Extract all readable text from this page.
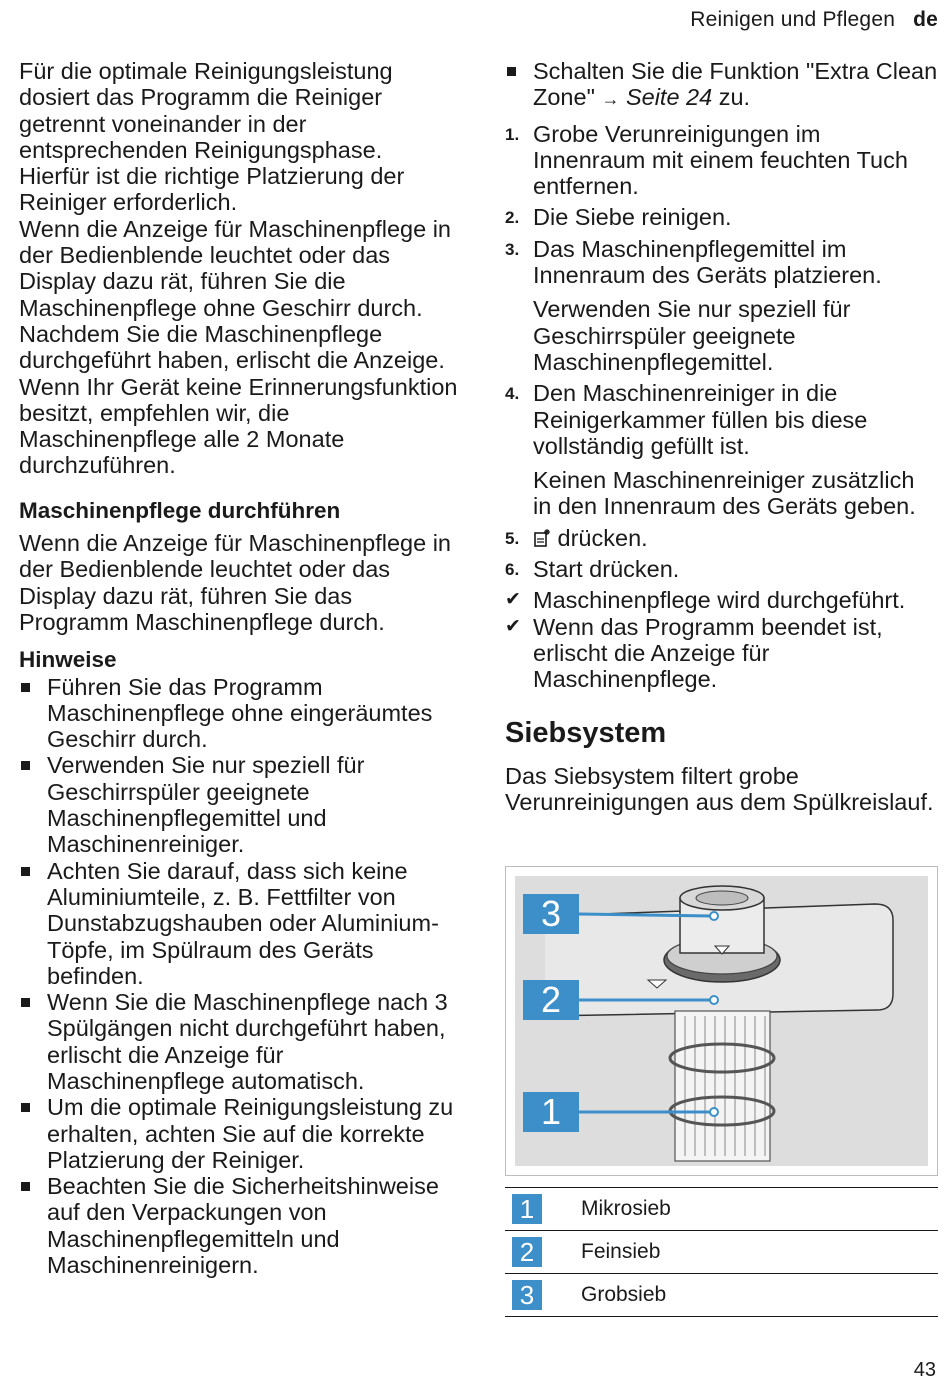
Reinigen und Pflegen de

Für die optimale Reinigungsleistung dosiert das Programm die Reiniger getrennt voneinander in der entsprechenden Reinigungsphase. Hierfür ist die richtige Platzierung der Reiniger erforderlich.

Wenn die Anzeige für Maschinenpflege in der Bedienblende leuchtet oder das Display dazu rät, führen Sie die Maschinenpflege ohne Geschirr durch. Nachdem Sie die Maschinenpflege durchgeführt haben, erlischt die Anzeige. Wenn Ihr Gerät keine Erinnerungsfunktion besitzt, empfehlen wir, die Maschinenpflege alle 2 Monate durchzuführen.

Maschinenpflege durchführen

Wenn die Anzeige für Maschinenpflege in der Bedienblende leuchtet oder das Display dazu rät, führen Sie das Programm Maschinenpflege durch.

Hinweise
Führen Sie das Programm Maschinenpflege ohne eingeräumtes Geschirr durch.
Verwenden Sie nur speziell für Geschirrspüler geeignete Maschinenpflegemittel und Maschinenreiniger.
Achten Sie darauf, dass sich keine Aluminiumteile, z. B. Fettfilter von Dunstabzugshauben oder Aluminium-Töpfe, im Spülraum des Geräts befinden.
Wenn Sie die Maschinenpflege nach 3 Spülgängen nicht durchgeführt haben, erlischt die Anzeige für Maschinenpflege automatisch.
Um die optimale Reinigungsleistung zu erhalten, achten Sie auf die korrekte Platzierung der Reiniger.
Beachten Sie die Sicherheitshinweise auf den Verpackungen von Maschinenpflegemitteln und Maschinenreinigern.
Schalten Sie die Funktion "Extra Clean Zone" → Seite 24 zu.
1. Grobe Verunreinigungen im Innenraum mit einem feuchten Tuch entfernen.
2. Die Siebe reinigen.
3. Das Maschinenpflegemittel im Innenraum des Geräts platzieren.
Verwenden Sie nur speziell für Geschirrspüler geeignete Maschinenpflegemittel.
4. Den Maschinenreiniger in die Reinigerkammer füllen bis diese vollständig gefüllt ist.
Keinen Maschinenreiniger zusätzlich in den Innenraum des Geräts geben.
5. drücken.
6. Start drücken.
✔ Maschinenpflege wird durchgeführt.
✔ Wenn das Programm beendet ist, erlischt die Anzeige für Maschinenpflege.
Siebsystem

Das Siebsystem filtert grobe Verunreinigungen aus dem Spülkreislauf.

3
2
1
1	Mikrosieb
2	Feinsieb
3	Grobsieb
43
